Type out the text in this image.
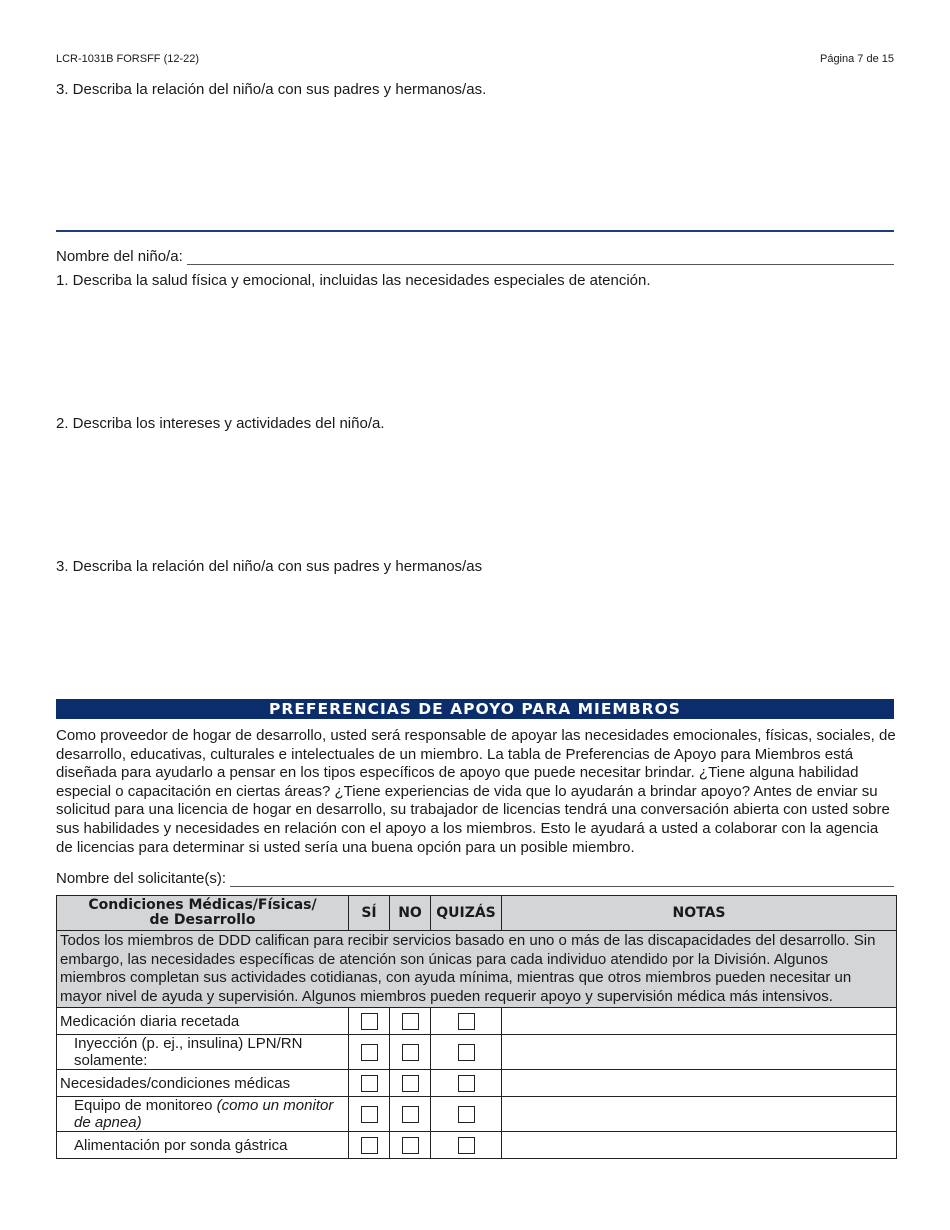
LCR-1031B FORSFF (12-22)	Página 7 de 15
3. Describa la relación del niño/a con sus padres y hermanos/as.
Nombre del niño/a:
1. Describa la salud física y emocional, incluidas las necesidades especiales de atención.
2. Describa los intereses y actividades del niño/a.
3. Describa la relación del niño/a con sus padres y hermanos/as
PREFERENCIAS DE APOYO PARA MIEMBROS
Como proveedor de hogar de desarrollo, usted será responsable de apoyar las necesidades emocionales, físicas, sociales, de desarrollo, educativas, culturales e intelectuales de un miembro. La tabla de Preferencias de Apoyo para Miembros está diseñada para ayudarlo a pensar en los tipos específicos de apoyo que puede necesitar brindar. ¿Tiene alguna habilidad especial o capacitación en ciertas áreas? ¿Tiene experiencias de vida que lo ayudarán a brindar apoyo? Antes de enviar su solicitud para una licencia de hogar en desarrollo, su trabajador de licencias tendrá una conversación abierta con usted sobre sus habilidades y necesidades en relación con el apoyo a los miembros. Esto le ayudará a usted a colaborar con la agencia de licencias para determinar si usted sería una buena opción para un posible miembro.
Nombre del solicitante(s):
Condiciones Médicas/Físicas/
de Desarrollo	SÍ	NO	QUIZÁS	NOTAS
Todos los miembros de DDD califican para recibir servicios basado en uno o más de las discapacidades del desarrollo. Sin embargo, las necesidades específicas de atención son únicas para cada individuo atendido por la División. Algunos miembros completan sus actividades cotidianas, con ayuda mínima, mientras que otros miembros pueden necesitar un mayor nivel de ayuda y supervisión. Algunos miembros pueden requerir apoyo y supervisión médica más intensivos.				
Medicación diaria recetada				
Inyección (p. ej., insulina) LPN/RN solamente:				
Necesidades/condiciones médicas				
Equipo de monitoreo (como un monitor de apnea)				
Alimentación por sonda gástrica				
